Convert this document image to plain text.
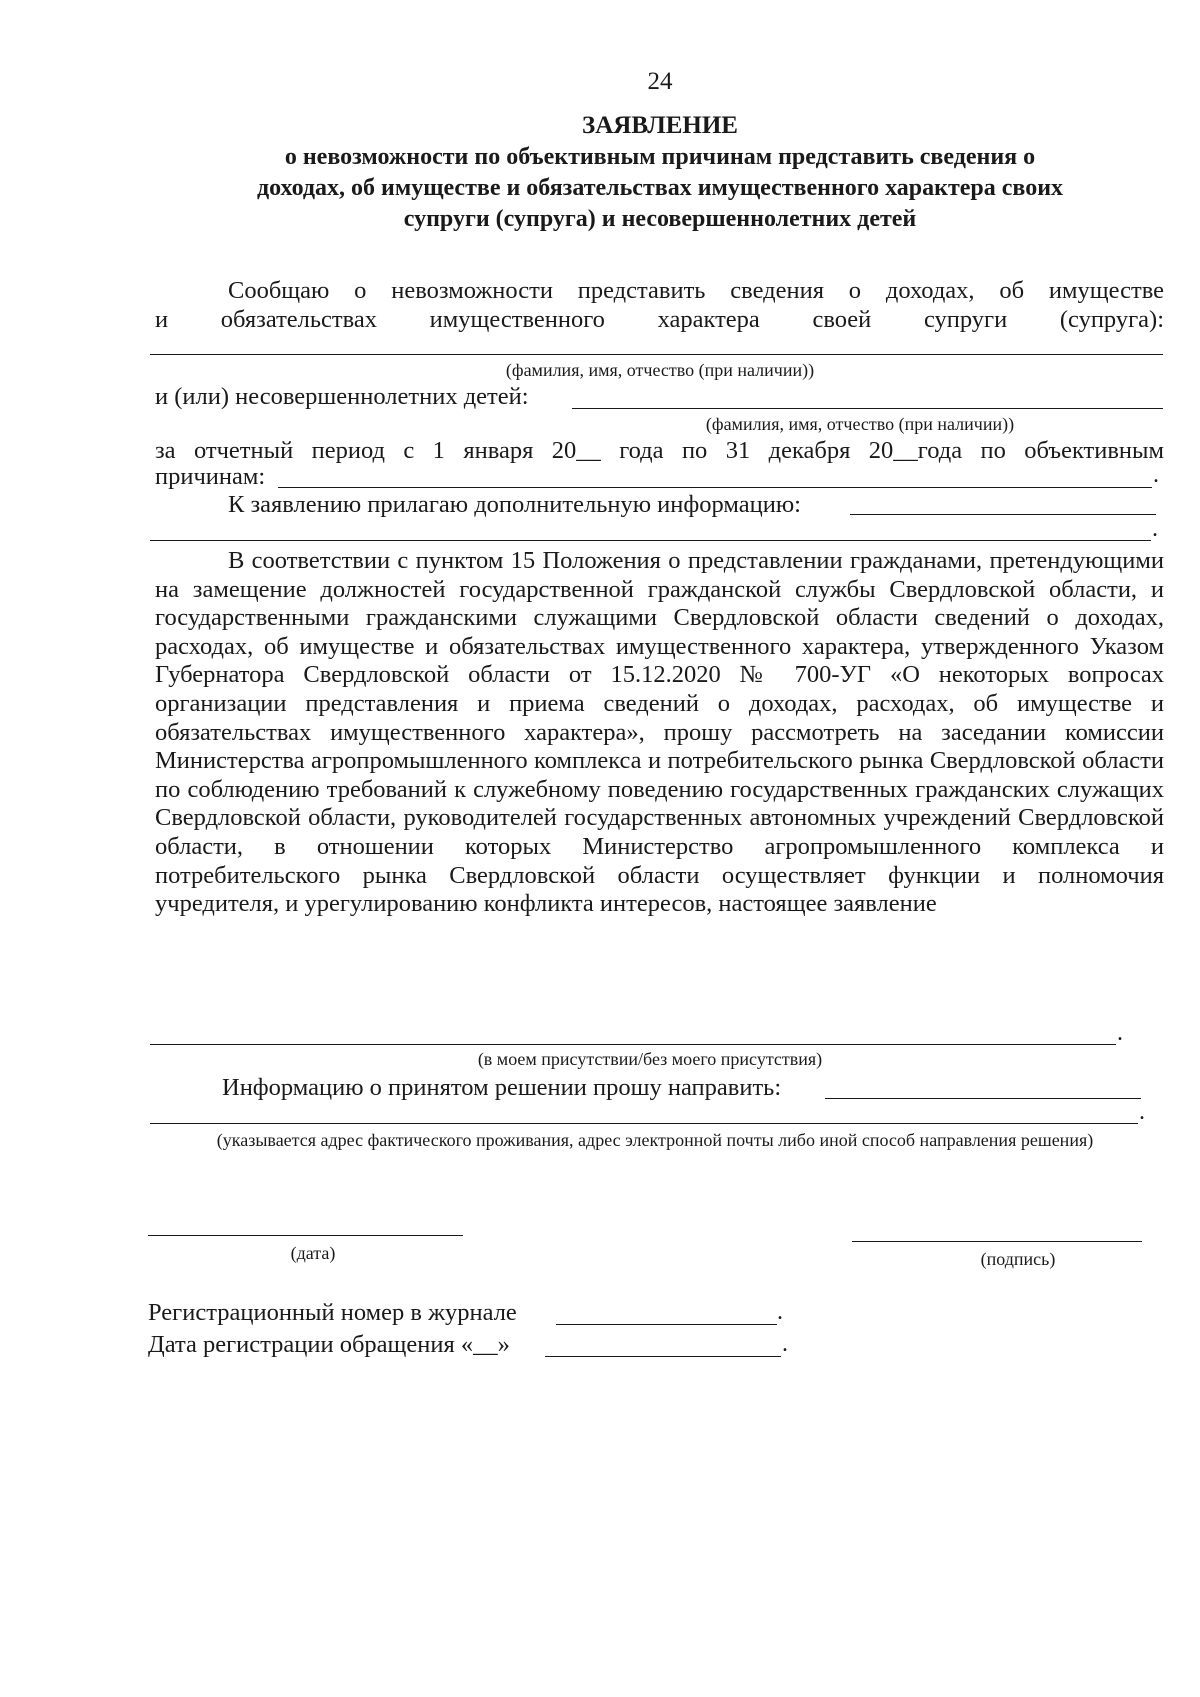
24
ЗАЯВЛЕНИЕ
о невозможности по объективным причинам представить сведения о доходах, об имуществе и обязательствах имущественного характера своих супруги (супруга) и несовершеннолетних детей
Сообщаю о невозможности представить сведения о доходах, об имуществе
и обязательствах имущественного характера своей супруги (супруга):
(фамилия, имя, отчество (при наличии))
и (или) несовершеннолетних детей:
(фамилия, имя, отчество (при наличии))
за отчетный период с 1 января 20__ года по 31 декабря 20__года по объективным
причинам:	.
К заявлению прилагаю дополнительную информацию:
.
В соответствии с пунктом 15 Положения о представлении гражданами, претендующими на замещение должностей государственной гражданской службы Свердловской области, и государственными гражданскими служащими Свердловской области сведений о доходах, расходах, об имуществе и обязательствах имущественного характера, утвержденного Указом Губернатора Свердловской области от 15.12.2020 № 700-УГ «О некоторых вопросах организации представления и приема сведений о доходах, расходах, об имуществе и обязательствах имущественного характера», прошу рассмотреть на заседании комиссии Министерства агропромышленного комплекса и потребительского рынка Свердловской области по соблюдению требований к служебному поведению государственных гражданских служащих Свердловской области, руководителей государственных автономных учреждений Свердловской области, в отношении которых Министерство агропромышленного комплекса и потребительского рынка Свердловской области осуществляет функции и полномочия учредителя, и урегулированию конфликта интересов, настоящее заявление
.
(в моем присутствии/без моего присутствия)
Информацию о принятом решении прошу направить:
.
(указывается адрес фактического проживания, адрес электронной почты либо иной способ направления решения)
(дата)	(подпись)
Регистрационный номер в журнале	.
Дата регистрации обращения «__»	.
